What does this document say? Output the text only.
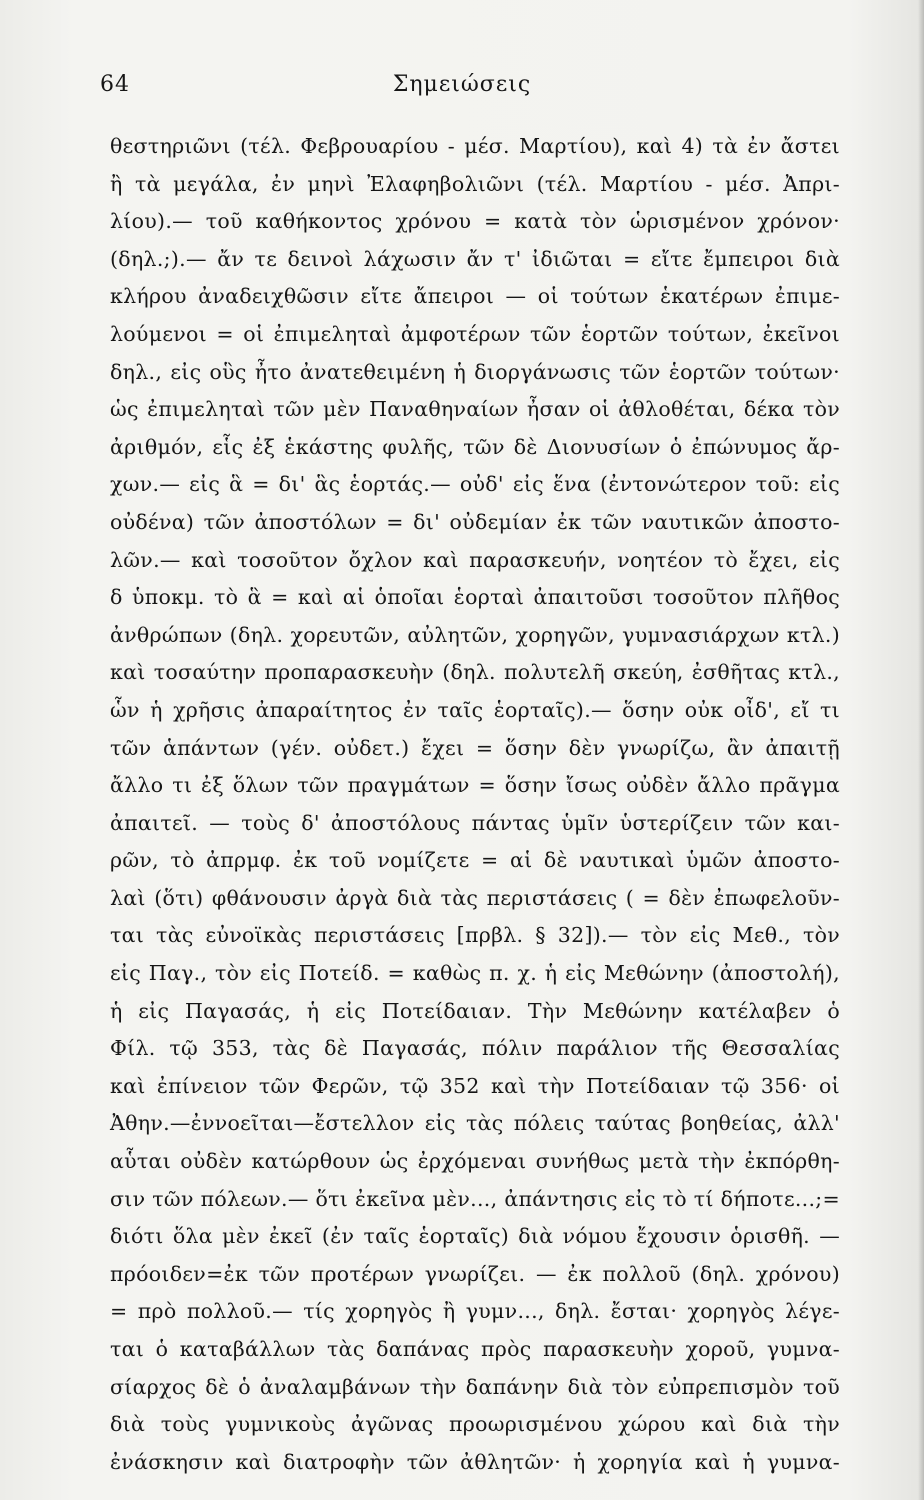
Σημειώσεις
64
θεστηριῶνι (τέλ. Φεβρουαρίου - μέσ. Μαρτίου), καὶ 4) τὰ ἐν ἄστει
ἢ τὰ μεγάλα, ἐν μηνὶ Ἐλαφηβολιῶνι (τέλ. Μαρτίου - μέσ. Ἀπρι-
λίου).— τοῦ καθήκοντος χρόνου = κατὰ τὸν ὡρισμένον χρόνον·
(δηλ.;).— ἄν τε δεινοὶ λάχωσιν ἄν τ' ἰδιῶται = εἴτε ἔμπειροι διὰ
κλήρου ἀναδειχθῶσιν εἴτε ἄπειροι — οἱ τούτων ἑκατέρων ἐπιμε-
λούμενοι = οἱ ἐπιμεληταὶ ἀμφοτέρων τῶν ἑορτῶν τούτων, ἐκεῖνοι
δηλ., εἰς οὓς ἦτο ἀνατεθειμένη ἡ διοργάνωσις τῶν ἑορτῶν τούτων·
ὡς ἐπιμεληταὶ τῶν μὲν Παναθηναίων ἦσαν οἱ ἀθλοθέται, δέκα τὸν
ἀριθμόν, εἷς ἐξ ἑκάστης φυλῆς, τῶν δὲ Διονυσίων ὁ ἐπώνυμος ἄρ-
χων.— εἰς ἃ = δι' ἃς ἑορτάς.— οὐδ' εἰς ἕνα (ἐντονώτερον τοῦ: εἰς
οὐδένα) τῶν ἀποστόλων = δι' οὐδεμίαν ἐκ τῶν ναυτικῶν ἀποστο-
λῶν.— καὶ τοσοῦτον ὄχλον καὶ παρασκευήν, νοητέον τὸ ἔχει, εἰς
δ ὑποκμ. τὸ ἃ = καὶ αἱ ὁποῖαι ἑορταὶ ἀπαιτοῦσι τοσοῦτον πλῆθος
ἀνθρώπων (δηλ. χορευτῶν, αὐλητῶν, χορηγῶν, γυμνασιάρχων κτλ.)
καὶ τοσαύτην προπαρασκευὴν (δηλ. πολυτελῆ σκεύη, ἐσθῆτας κτλ.,
ὧν ἡ χρῆσις ἀπαραίτητος ἐν ταῖς ἑορταῖς).— ὅσην οὐκ οἶδ', εἴ τι
τῶν ἁπάντων (γέν. οὐδετ.) ἔχει = ὅσην δὲν γνωρίζω, ἂν ἀπαιτῇ
ἄλλο τι ἐξ ὅλων τῶν πραγμάτων = ὅσην ἴσως οὐδὲν ἄλλο πρᾶγμα
ἀπαιτεῖ. — τοὺς δ' ἀποστόλους πάντας ὑμῖν ὑστερίζειν τῶν και-
ρῶν, τὸ ἀπρμφ. ἐκ τοῦ νομίζετε = αἱ δὲ ναυτικαὶ ὑμῶν ἀποστο-
λαὶ (ὅτι) φθάνουσιν ἀργὰ διὰ τὰς περιστάσεις ( = δὲν ἐπωφελοῦν-
ται τὰς εὐνοϊκὰς περιστάσεις [πρβλ. § 32]).— τὸν εἰς Μεθ., τὸν
εἰς Παγ., τὸν εἰς Ποτείδ. = καθὼς π. χ. ἡ εἰς Μεθώνην (ἀποστολή),
ἡ εἰς Παγασάς, ἡ εἰς Ποτείδαιαν. Τὴν Μεθώνην κατέλαβεν ὁ
Φίλ. τῷ 353, τὰς δὲ Παγασάς, πόλιν παράλιον τῆς Θεσσαλίας
καὶ ἐπίνειον τῶν Φερῶν, τῷ 352 καὶ τὴν Ποτείδαιαν τῷ 356· οἱ
Ἀθην.—ἐννοεῖται—ἔστελλον εἰς τὰς πόλεις ταύτας βοηθείας, ἀλλ'
αὗται οὐδὲν κατώρθουν ὡς ἐρχόμεναι συνήθως μετὰ τὴν ἐκπόρθη-
σιν τῶν πόλεων.— ὅτι ἐκεῖνα μὲν..., ἀπάντησις εἰς τὸ τί δήποτε...;=
διότι ὅλα μὲν ἐκεῖ (ἐν ταῖς ἑορταῖς) διὰ νόμου ἔχουσιν ὁρισθῆ. —
πρόοιδεν=ἐκ τῶν προτέρων γνωρίζει. — ἐκ πολλοῦ (δηλ. χρόνου)
= πρὸ πολλοῦ.— τίς χορηγὸς ἢ γυμν..., δηλ. ἔσται· χορηγὸς λέγε-
ται ὁ καταβάλλων τὰς δαπάνας πρὸς παρασκευὴν χοροῦ, γυμνα-
σίαρχος δὲ ὁ ἀναλαμβάνων τὴν δαπάνην διὰ τὸν εὐπρεπισμὸν τοῦ
διὰ τοὺς γυμνικοὺς ἀγῶνας προωρισμένου χώρου καὶ διὰ τὴν
ἐνάσκησιν καὶ διατροφὴν τῶν ἀθλητῶν· ἡ χορηγία καὶ ἡ γυμνα-
